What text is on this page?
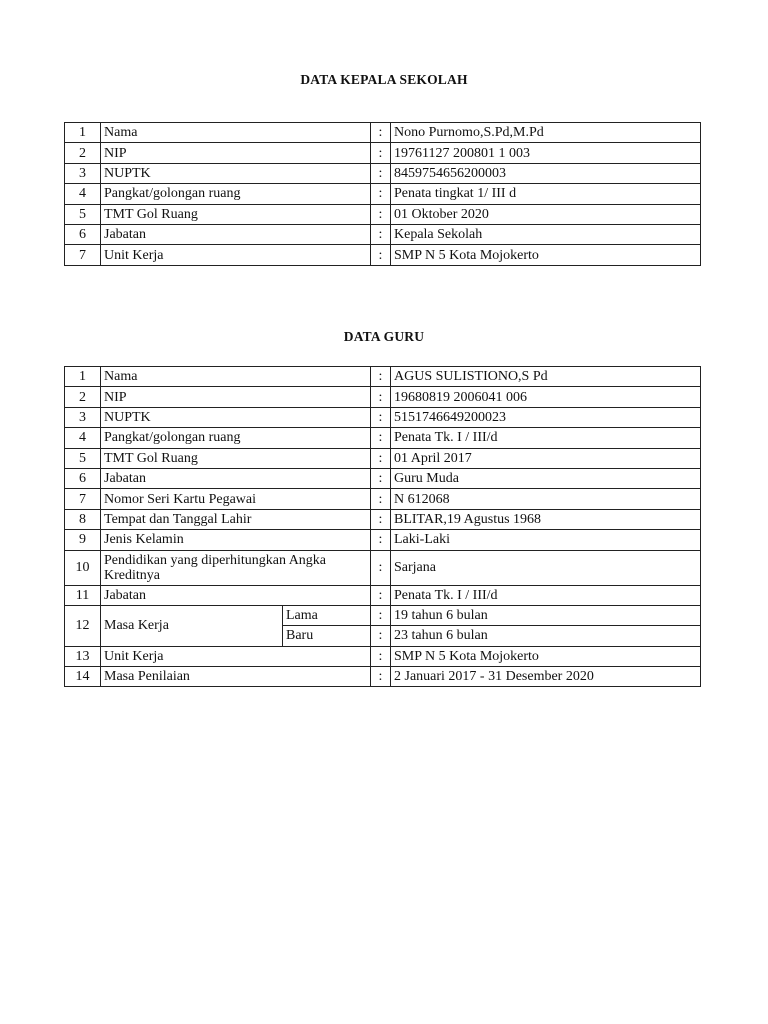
DATA KEPALA SEKOLAH
1	Nama	:	Nono Purnomo,S.Pd,M.Pd
2	NIP	:	19761127 200801 1 003
3	NUPTK	:	8459754656200003
4	Pangkat/golongan ruang	:	Penata tingkat 1/ III d
5	TMT Gol Ruang	:	01 Oktober 2020
6	Jabatan	:	Kepala Sekolah
7	Unit Kerja	:	SMP N 5 Kota Mojokerto
DATA GURU
1	Nama		:	AGUS SULISTIONO,S Pd
2	NIP		:	19680819 2006041 006
3	NUPTK		:	5151746649200023
4	Pangkat/golongan ruang		:	Penata Tk. I / III/d
5	TMT Gol Ruang		:	01 April 2017
6	Jabatan		:	Guru Muda
7	Nomor Seri Kartu Pegawai		:	N 612068
8	Tempat dan Tanggal Lahir		:	BLITAR,19 Agustus 1968
9	Jenis Kelamin		:	Laki-Laki
10	Pendidikan yang diperhitungkan Angka Kreditnya		:	Sarjana
11	Jabatan		:	Penata Tk. I / III/d
12	Masa Kerja	Lama	:	19 tahun 6 bulan
		Baru	:	23 tahun 6 bulan
13	Unit Kerja		:	SMP N 5 Kota Mojokerto
14	Masa Penilaian		:	2 Januari 2017 - 31 Desember 2020
